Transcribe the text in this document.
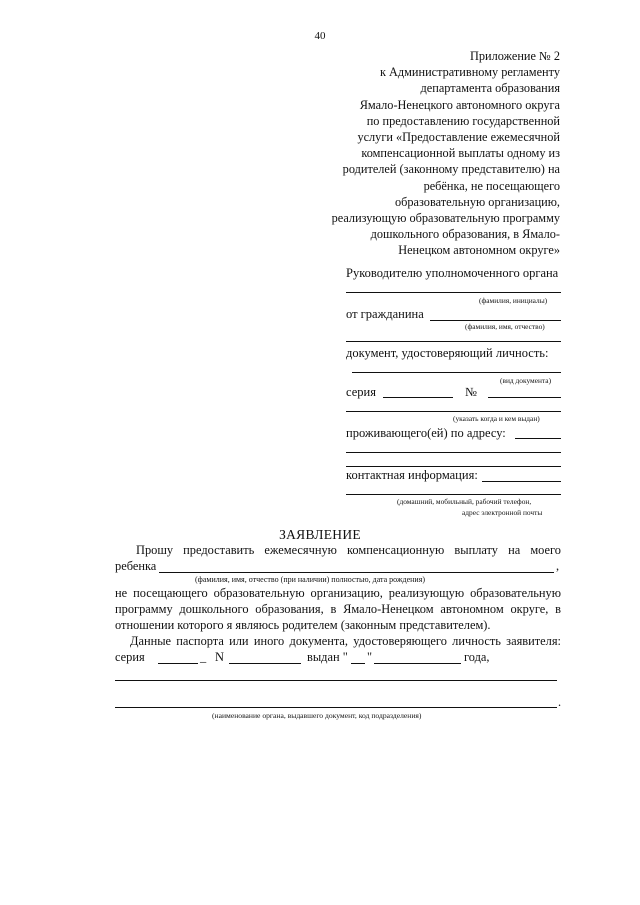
40
Приложение № 2
к Административному регламенту
департамента образования
Ямало-Ненецкого автономного округа
по предоставлению государственной
услуги «Предоставление ежемесячной
компенсационной выплаты одному из
родителей (законному представителю) на
ребёнка, не посещающего
образовательную организацию,
реализующую образовательную программу
дошкольного образования, в Ямало-
Ненецком автономном округе»
Руководителю уполномоченного органа
(фамилия, инициалы)
от гражданина
(фамилия, имя, отчество)
документ, удостоверяющий личность:
(вид документа)
серия	№
(указать когда и кем выдан)
проживающего(ей) по адресу:
контактная информация:
(домашний, мобильный, рабочий телефон,
адрес электронной почты
ЗАЯВЛЕНИЕ
Прошу предоставить ежемесячную компенсационную выплату на моего
ребенка	,
(фамилия, имя, отчество (при наличии) полностью, дата рождения)
не посещающего образовательную организацию, реализующую образовательную
программу дошкольного образования, в Ямало-Ненецком автономном округе, в
отношении которого я являюсь родителем (законным представителем).
Данные паспорта или иного документа, удостоверяющего личность заявителя:
серия	_ N	выдан " "	года,
.
(наименование органа, выдавшего документ, код подразделения)
